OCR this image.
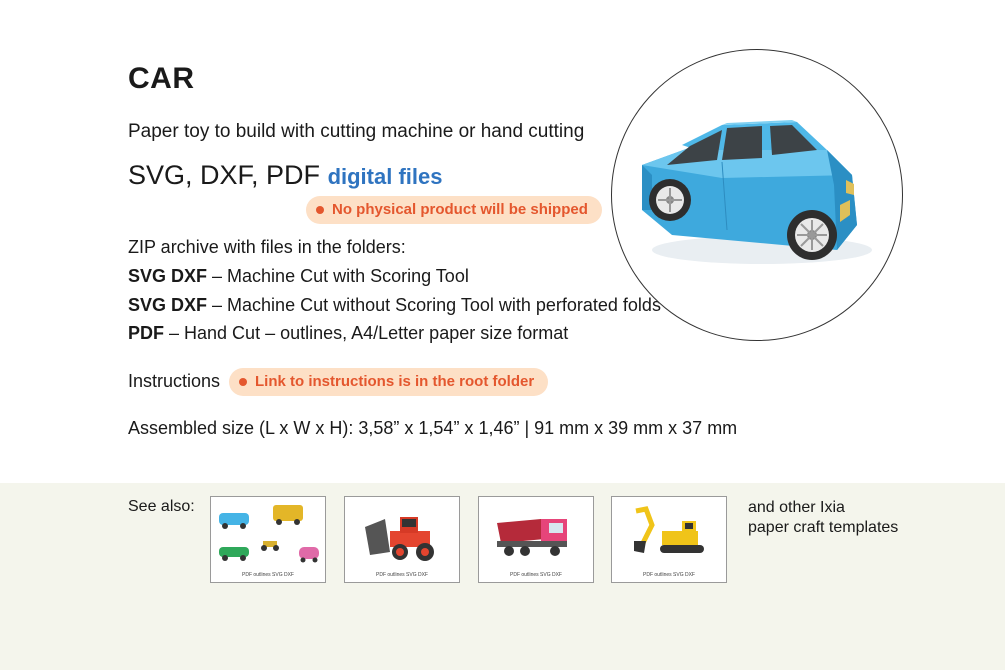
CAR
Paper toy to build with cutting machine or hand cutting
SVG, DXF, PDF digital files
No physical product will be shipped
ZIP archive with files in the folders:
SVG DXF – Machine Cut with Scoring Tool
SVG DXF – Machine Cut without Scoring Tool with perforated folds
PDF – Hand Cut – outlines, A4/Letter paper size format
Instructions	Link to instructions is in the root folder
Assembled size (L x W x H): 3,58” x 1,54” x 1,46” | 91 mm x 39 mm x 37 mm
See also:
PDF outlines SVG DXF	PDF outlines SVG DXF	PDF outlines SVG DXF	PDF outlines SVG DXF
and other Ixia
paper craft templates
